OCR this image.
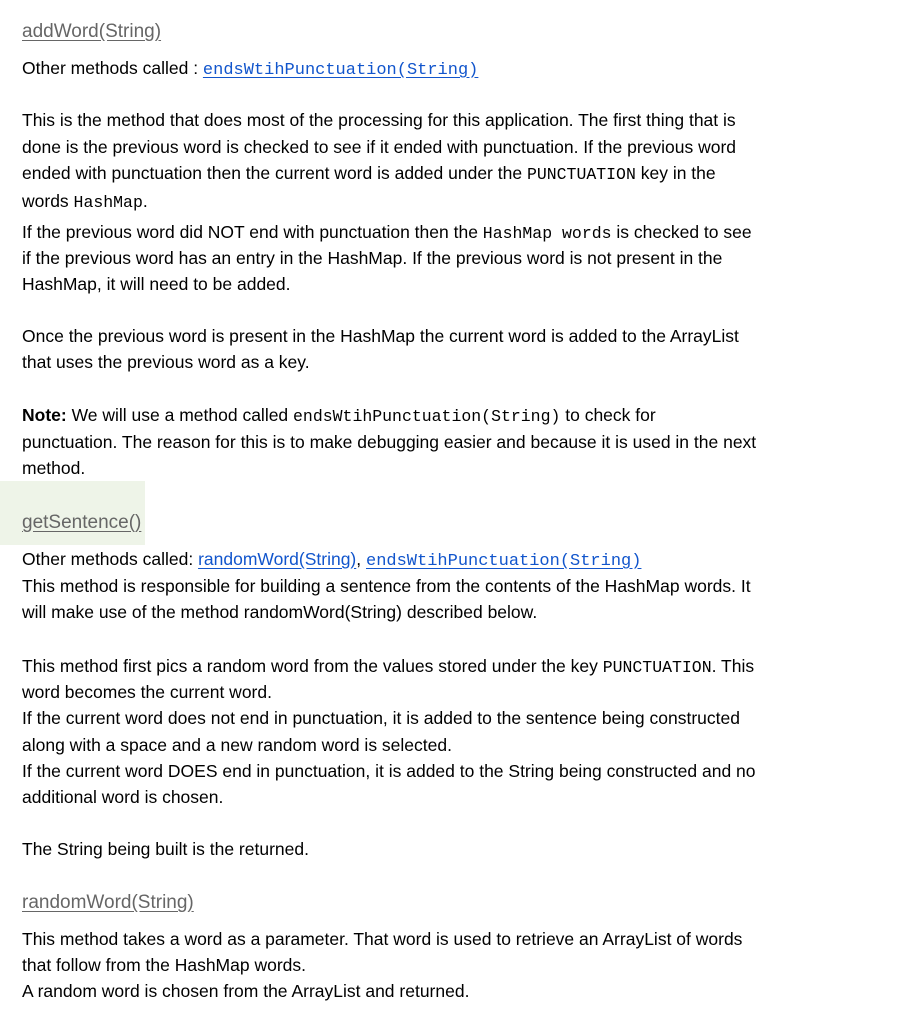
addWord(String)
Other methods called : endsWtihPunctuation(String)
This is the method that does most of the processing for this application. The first thing that is
done is the previous word is checked to see if it ended with punctuation. If the previous word
ended with punctuation then the current word is added under the PUNCTUATION key in the
words HashMap.
If the previous word did NOT end with punctuation then the HashMap words is checked to see
if the previous word has an entry in the HashMap. If the previous word is not present in the
HashMap, it will need to be added.
Once the previous word is present in the HashMap the current word is added to the ArrayList
that uses the previous word as a key.
Note: We will use a method called endsWtihPunctuation(String) to check for
punctuation. The reason for this is to make debugging easier and because it is used in the next
method.
getSentence()
Other methods called: randomWord(String), endsWtihPunctuation(String)
This method is responsible for building a sentence from the contents of the HashMap words. It
will make use of the method randomWord(String) described below.
This method first pics a random word from the values stored under the key PUNCTUATION. This
word becomes the current word.
If the current word does not end in punctuation, it is added to the sentence being constructed
along with a space and a new random word is selected.
If the current word DOES end in punctuation, it is added to the String being constructed and no
additional word is chosen.
The String being built is the returned.
randomWord(String)
This method takes a word as a parameter. That word is used to retrieve an ArrayList of words
that follow from the HashMap words.
A random word is chosen from the ArrayList and returned.
